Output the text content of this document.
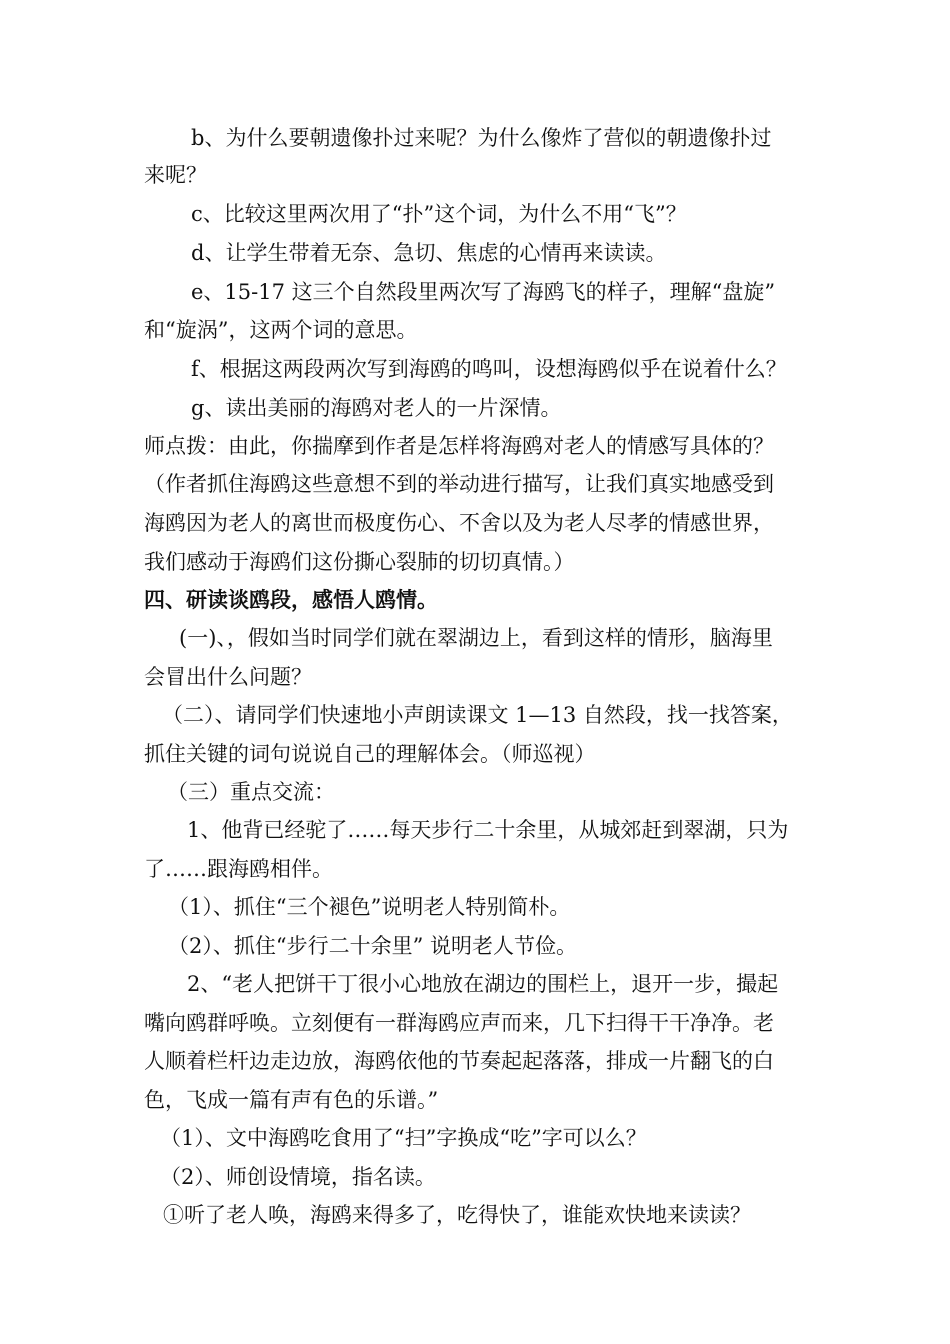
b、为什么要朝遗像扑过来呢？为什么像炸了营似的朝遗像扑过
来呢？
c、比较这里两次用了“扑”这个词，为什么不用“飞”？
d、让学生带着无奈、急切、焦虑的心情再来读读。
e、15-17 这三个自然段里两次写了海鸥飞的样子，理解“盘旋”
和“旋涡”，这两个词的意思。
f、根据这两段两次写到海鸥的鸣叫，设想海鸥似乎在说着什么？
g、读出美丽的海鸥对老人的一片深情。
师点拨：由此，你揣摩到作者是怎样将海鸥对老人的情感写具体的？
（作者抓住海鸥这些意想不到的举动进行描写，让我们真实地感受到
海鸥因为老人的离世而极度伤心、不舍以及为老人尽孝的情感世界，
我们感动于海鸥们这份撕心裂肺的切切真情。）
四、研读谈鸥段，感悟人鸥情。
(一)、，假如当时同学们就在翠湖边上，看到这样的情形，脑海里
会冒出什么问题？
（二）、请同学们快速地小声朗读课文 1—13 自然段，找一找答案，
抓住关键的词句说说自己的理解体会。（师巡视）
（三）重点交流：
1、他背已经驼了……每天步行二十余里，从城郊赶到翠湖，只为
了……跟海鸥相伴。
（1）、抓住“三个褪色”说明老人特别简朴。
（2）、抓住“步行二十余里” 说明老人节俭。
2、“老人把饼干丁很小心地放在湖边的围栏上，退开一步，撮起
嘴向鸥群呼唤。立刻便有一群海鸥应声而来，几下扫得干干净净。老
人顺着栏杆边走边放，海鸥依他的节奏起起落落，排成一片翻飞的白
色，飞成一篇有声有色的乐谱。”
（1）、文中海鸥吃食用了“扫”字换成“吃”字可以么？
（2）、师创设情境，指名读。
①听了老人唤，海鸥来得多了，吃得快了，谁能欢快地来读读？
